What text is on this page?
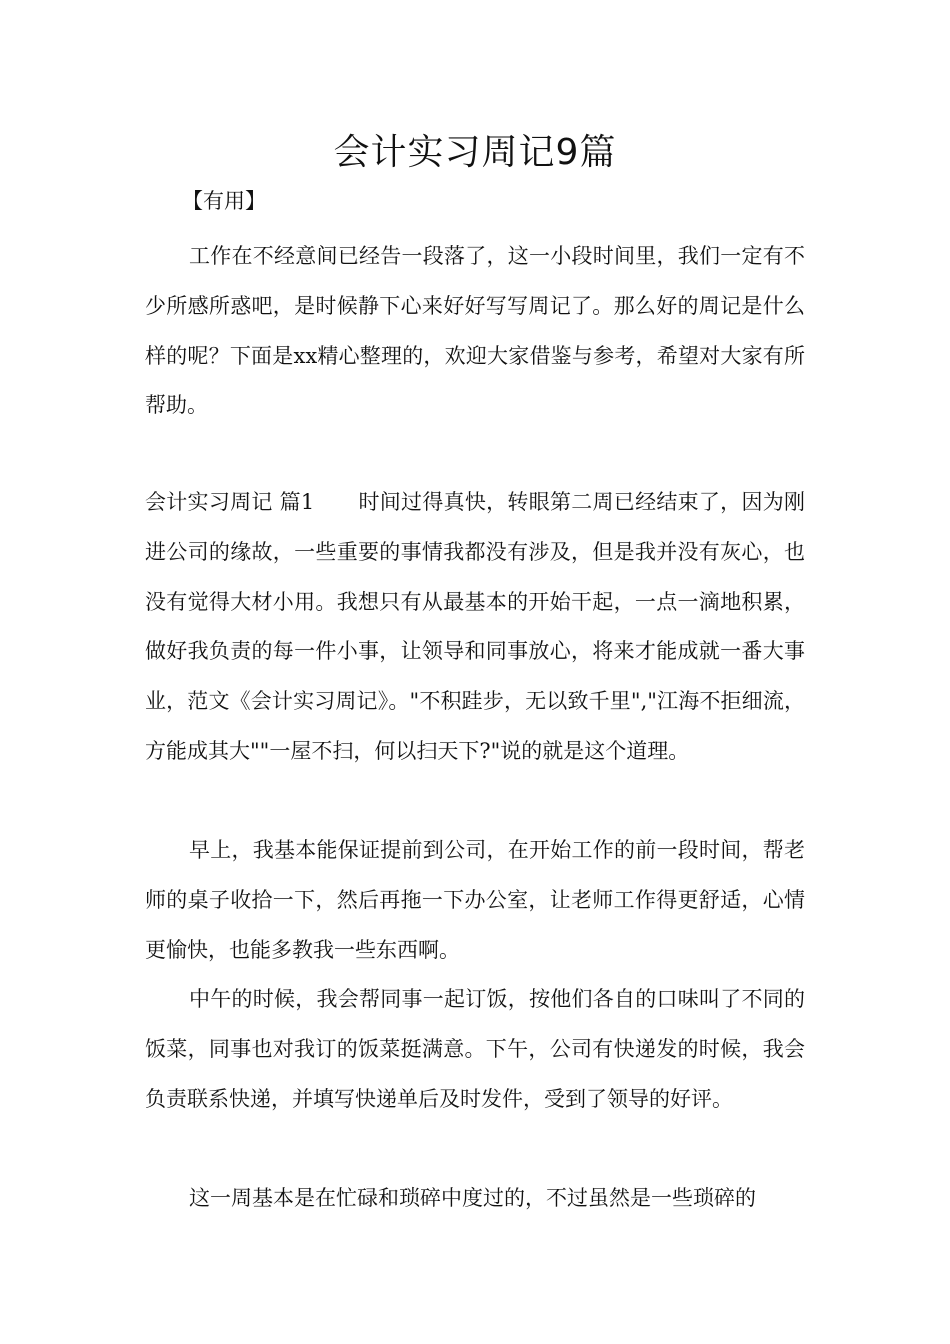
会计实习周记9篇
【有用】

工作在不经意间已经告一段落了，这一小段时间里，我们一定有不少所感所惑吧，是时候静下心来好好写写周记了。那么好的周记是什么样的呢？下面是xx精心整理的，欢迎大家借鉴与参考，希望对大家有所帮助。

会计实习周记 篇1 时间过得真快，转眼第二周已经结束了，因为刚进公司的缘故，一些重要的事情我都没有涉及，但是我并没有灰心，也没有觉得大材小用。我想只有从最基本的开始干起，一点一滴地积累，做好我负责的每一件小事，让领导和同事放心，将来才能成就一番大事业，范文《会计实习周记》。"不积跬步，无以致千里","江海不拒细流，方能成其大""一屋不扫，何以扫天下?"说的就是这个道理。

早上，我基本能保证提前到公司，在开始工作的前一段时间，帮老师的桌子收拾一下，然后再拖一下办公室，让老师工作得更舒适，心情更愉快，也能多教我一些东西啊。

中午的时候，我会帮同事一起订饭，按他们各自的口味叫了不同的饭菜，同事也对我订的饭菜挺满意。下午，公司有快递发的时候，我会负责联系快递，并填写快递单后及时发件，受到了领导的好评。

这一周基本是在忙碌和琐碎中度过的，不过虽然是一些琐碎的
